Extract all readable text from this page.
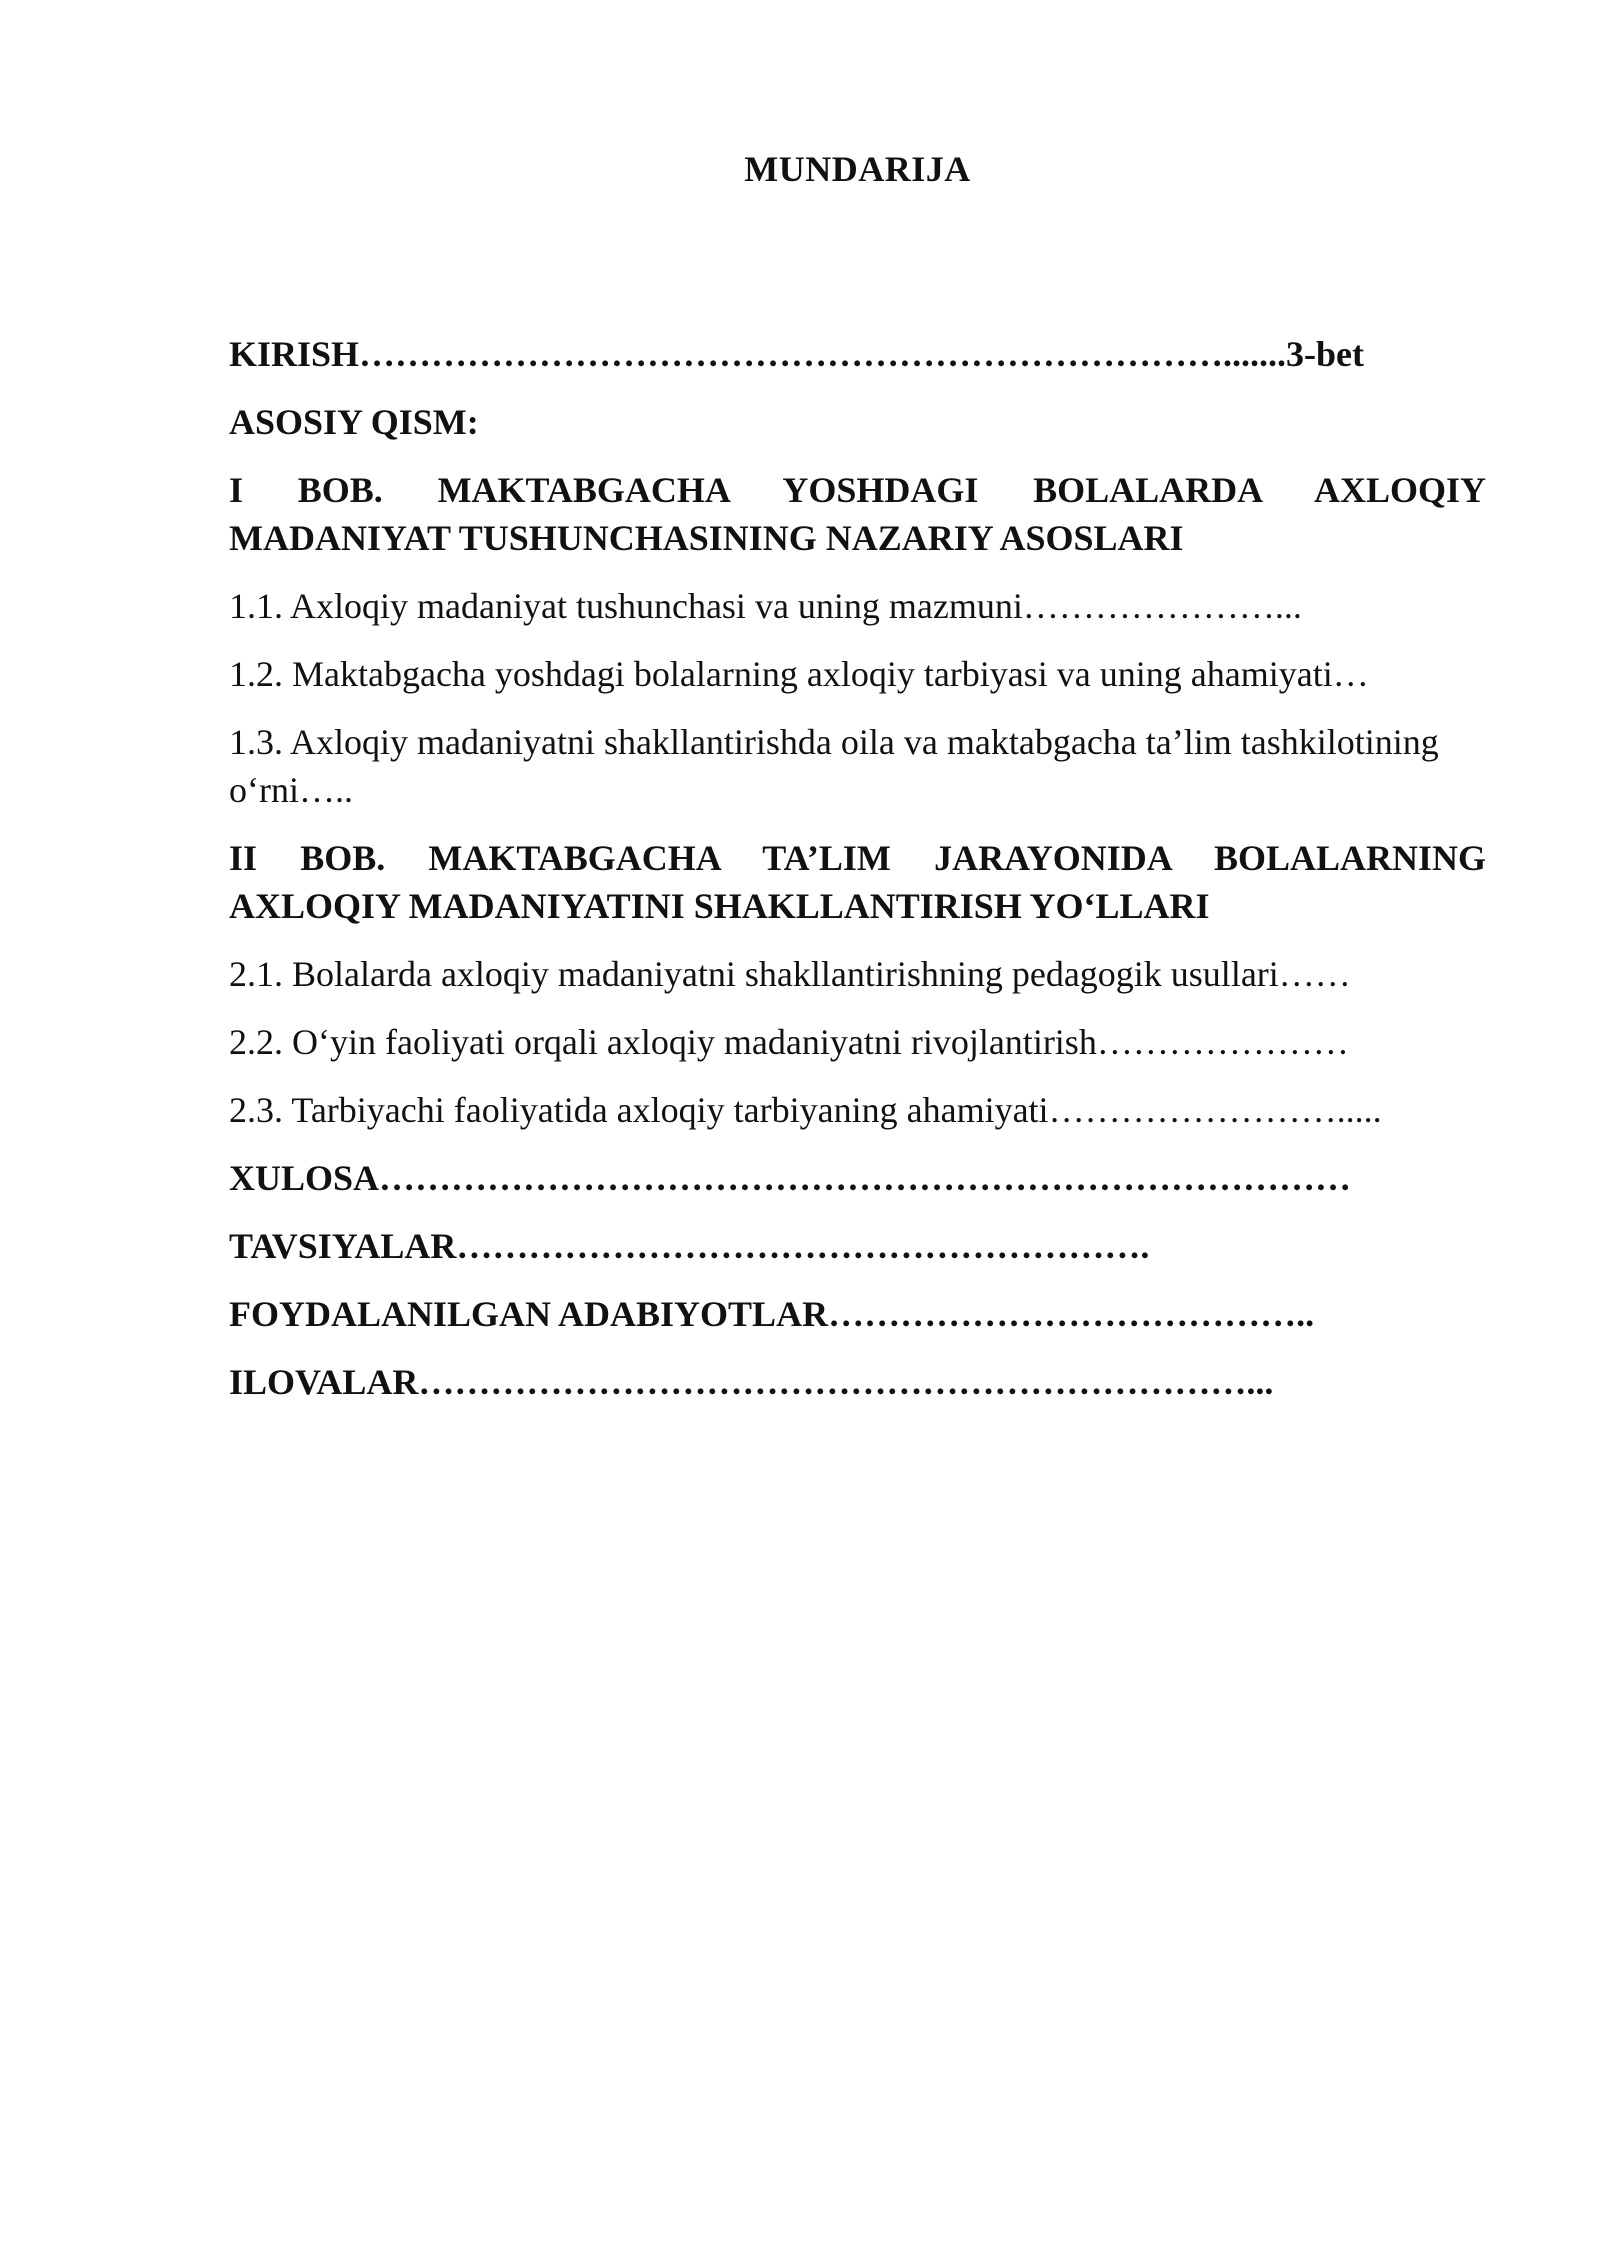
MUNDARIJA
KIRISH……………………………………………………………….......3-bet
ASOSIY QISM:
I BOB. MAKTABGACHA YOSHDAGI BOLALARDA AXLOQIY
MADANIYAT TUSHUNCHASINING NAZARIY ASOSLARI
1.1. Axloqiy madaniyat tushunchasi va uning mazmuni…………………...
1.2. Maktabgacha yoshdagi bolalarning axloqiy tarbiyasi va uning ahamiyati…
1.3. Axloqiy madaniyatni shakllantirishda oila va maktabgacha ta’lim tashkilotining o‘rni…..
II BOB. MAKTABGACHA TA’LIM JARAYONIDA BOLALARNING
AXLOQIY MADANIYATINI SHAKLLANTIRISH YO‘LLARI
2.1. Bolalarda axloqiy madaniyatni shakllantirishning pedagogik usullari……
2.2. O‘yin faoliyati orqali axloqiy madaniyatni rivojlantirish…………………
2.3. Tarbiyachi faoliyatida axloqiy tarbiyaning ahamiyati…………………….....
XULOSA………………………………………………………………………
TAVSIYALAR………………………………………………….
FOYDALANILGAN ADABIYOTLAR…………………………………..
ILOVALAR……………………………………………………………...
